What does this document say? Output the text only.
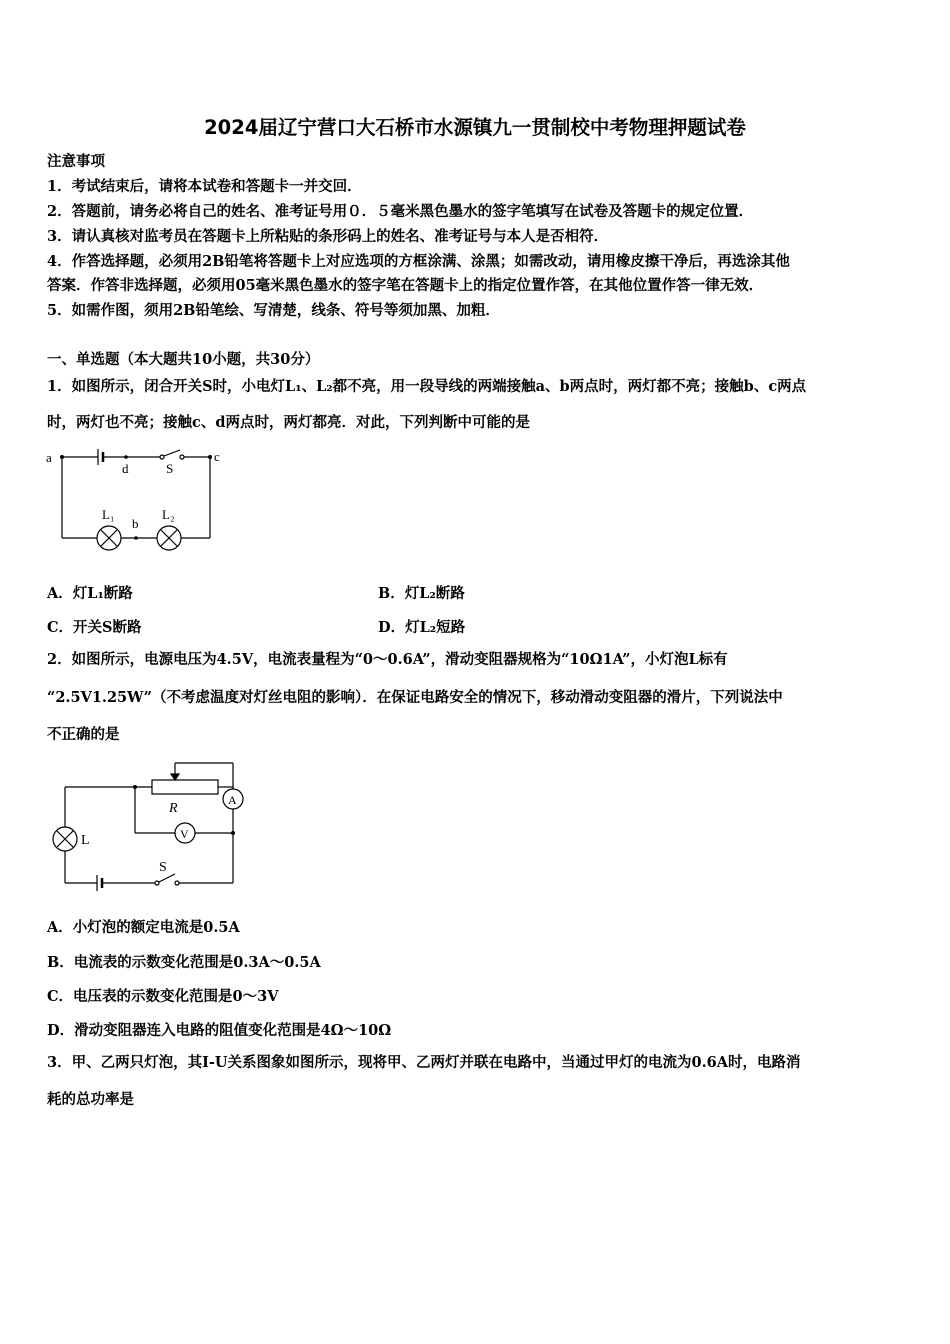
2024届辽宁营口大石桥市水源镇九一贯制校中考物理押题试卷
注意事项
1．考试结束后，请将本试卷和答题卡一并交回．
2．答题前，请务必将自己的姓名、准考证号用０．５毫米黑色墨水的签字笔填写在试卷及答题卡的规定位置．
3．请认真核对监考员在答题卡上所粘贴的条形码上的姓名、准考证号与本人是否相符．
4．作答选择题，必须用2B铅笔将答题卡上对应选项的方框涂满、涂黑；如需改动，请用橡皮擦干净后，再选涂其他
答案．作答非选择题，必须用05毫米黑色墨水的签字笔在答题卡上的指定位置作答，在其他位置作答一律无效．
5．如需作图，须用2B铅笔绘、写清楚，线条、符号等须加黑、加粗．
一、单选题（本大题共10小题，共30分）
1．如图所示，闭合开关S时，小电灯L₁、L₂都不亮，用一段导线的两端接触a、b两点时，两灯都不亮；接触b、c两点
时，两灯也不亮；接触c、d两点时，两灯都亮．对此，下列判断中可能的是
a	c
d	S
b
L₁	L₂
A．灯L₁断路	B．灯L₂断路
C．开关S断路	D．灯L₂短路
2．如图所示，电源电压为4.5V，电流表量程为“0～0.6A”，滑动变阻器规格为“10Ω1A”，小灯泡L标有
“2.5V1.25W”（不考虑温度对灯丝电阻的影响）．在保证电路安全的情况下，移动滑动变阻器的滑片，下列说法中
不正确的是
R
A
V
L
S
A．小灯泡的额定电流是0.5A
B．电流表的示数变化范围是0.3A～0.5A
C．电压表的示数变化范围是0～3V
D．滑动变阻器连入电路的阻值变化范围是4Ω～10Ω
3．甲、乙两只灯泡，其I-U关系图象如图所示，现将甲、乙两灯并联在电路中，当通过甲灯的电流为0.6A时，电路消
耗的总功率是
